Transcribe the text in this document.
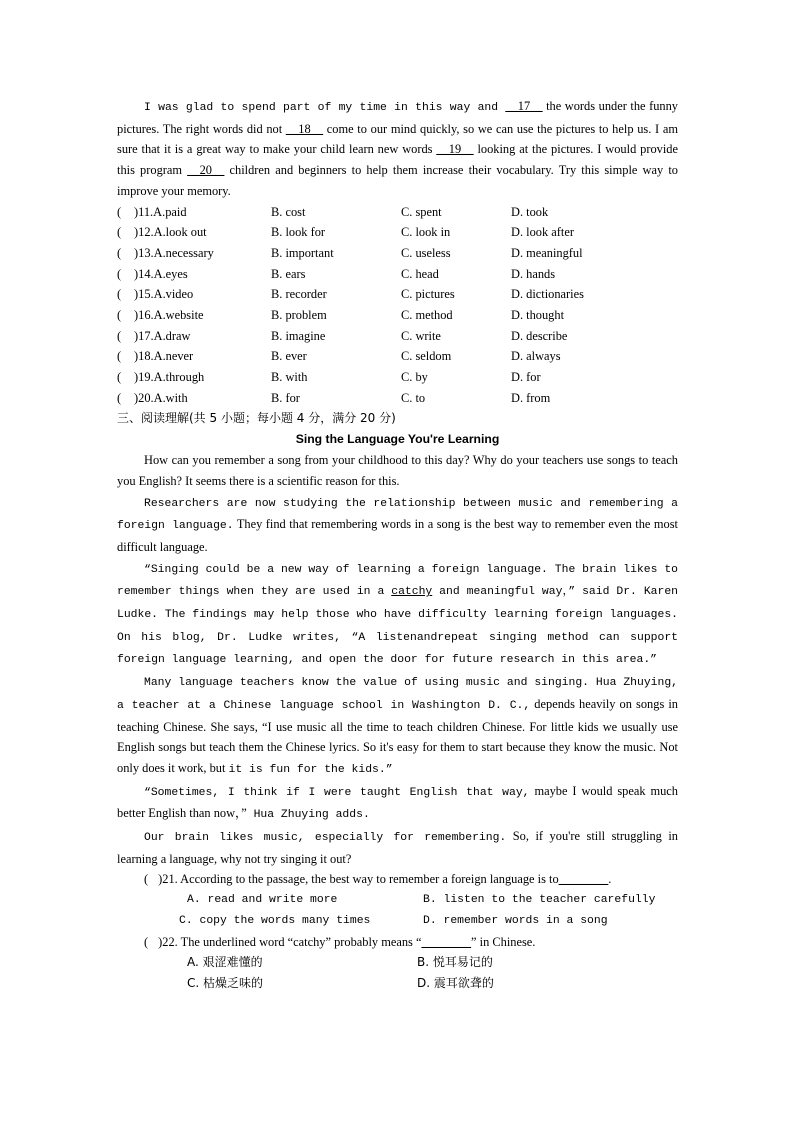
I was glad to spend part of my time in this way and __17__ the words under the funny pictures. The right words did not __18__ come to our mind quickly, so we can use the pictures to help us. I am sure that it is a great way to make your child learn new words __19__ looking at the pictures. I would provide this program __20__ children and beginners to help them increase their vocabulary. Try this simple way to improve your memory.

( )11.A.paid	B. cost	C. spent	D. took
( )12.A.look out	B. look for	C. look in	D. look after
( )13.A.necessary	B. important	C. useless	D. meaningful
( )14.A.eyes	B. ears	C. head	D. hands
( )15.A.video	B. recorder	C. pictures	D. dictionaries
( )16.A.website	B. problem	C. method	D. thought
( )17.A.draw	B. imagine	C. write	D. describe
( )18.A.never	B. ever	C. seldom	D. always
( )19.A.through	B. with	C. by	D. for
( )20.A.with	B. for	C. to	D. from

三、阅读理解(共 5 小题；每小题 4 分，满分 20 分)

Sing the Language You're Learning

How can you remember a song from your childhood to this day? Why do your teachers use songs to teach you English? It seems there is a scientific reason for this.

Researchers are now studying the relationship between music and remembering a foreign language. They find that remembering words in a song is the best way to remember even the most difficult language.

“Singing could be a new way of learning a foreign language. The brain likes to remember things when they are used in a catchy and meaningful way，” said Dr. Karen Ludke. The findings may help those who have difficulty learning foreign languages. On his blog, Dr. Ludke writes, “A listenandrepeat singing method can support foreign language learning, and open the door for future research in this area.”

Many language teachers know the value of using music and singing. Hua Zhuying, a teacher at a Chinese language school in Washington D. C., depends heavily on songs in teaching Chinese. She says, “I use music all the time to teach children Chinese. For little kids we usually use English songs but teach them the Chinese lyrics. So it's easy for them to start because they know the music. Not only does it work, but it is fun for the kids.”

“Sometimes, I think if I were taught English that way, maybe I would speak much better English than now，” Hua Zhuying adds.

Our brain likes music, especially for remembering. So, if you're still struggling in learning a language, why not try singing it out?

( )21. According to the passage, the best way to remember a foreign language is to________.

A. read and write more	B. listen to the teacher carefully
C. copy the words many times	D. remember words in a song

( )22. The underlined word “catchy” probably means “________” in Chinese.

A. 艰涩难懂的	B. 悦耳易记的
C. 枯燥乏味的	D. 震耳欲聋的
